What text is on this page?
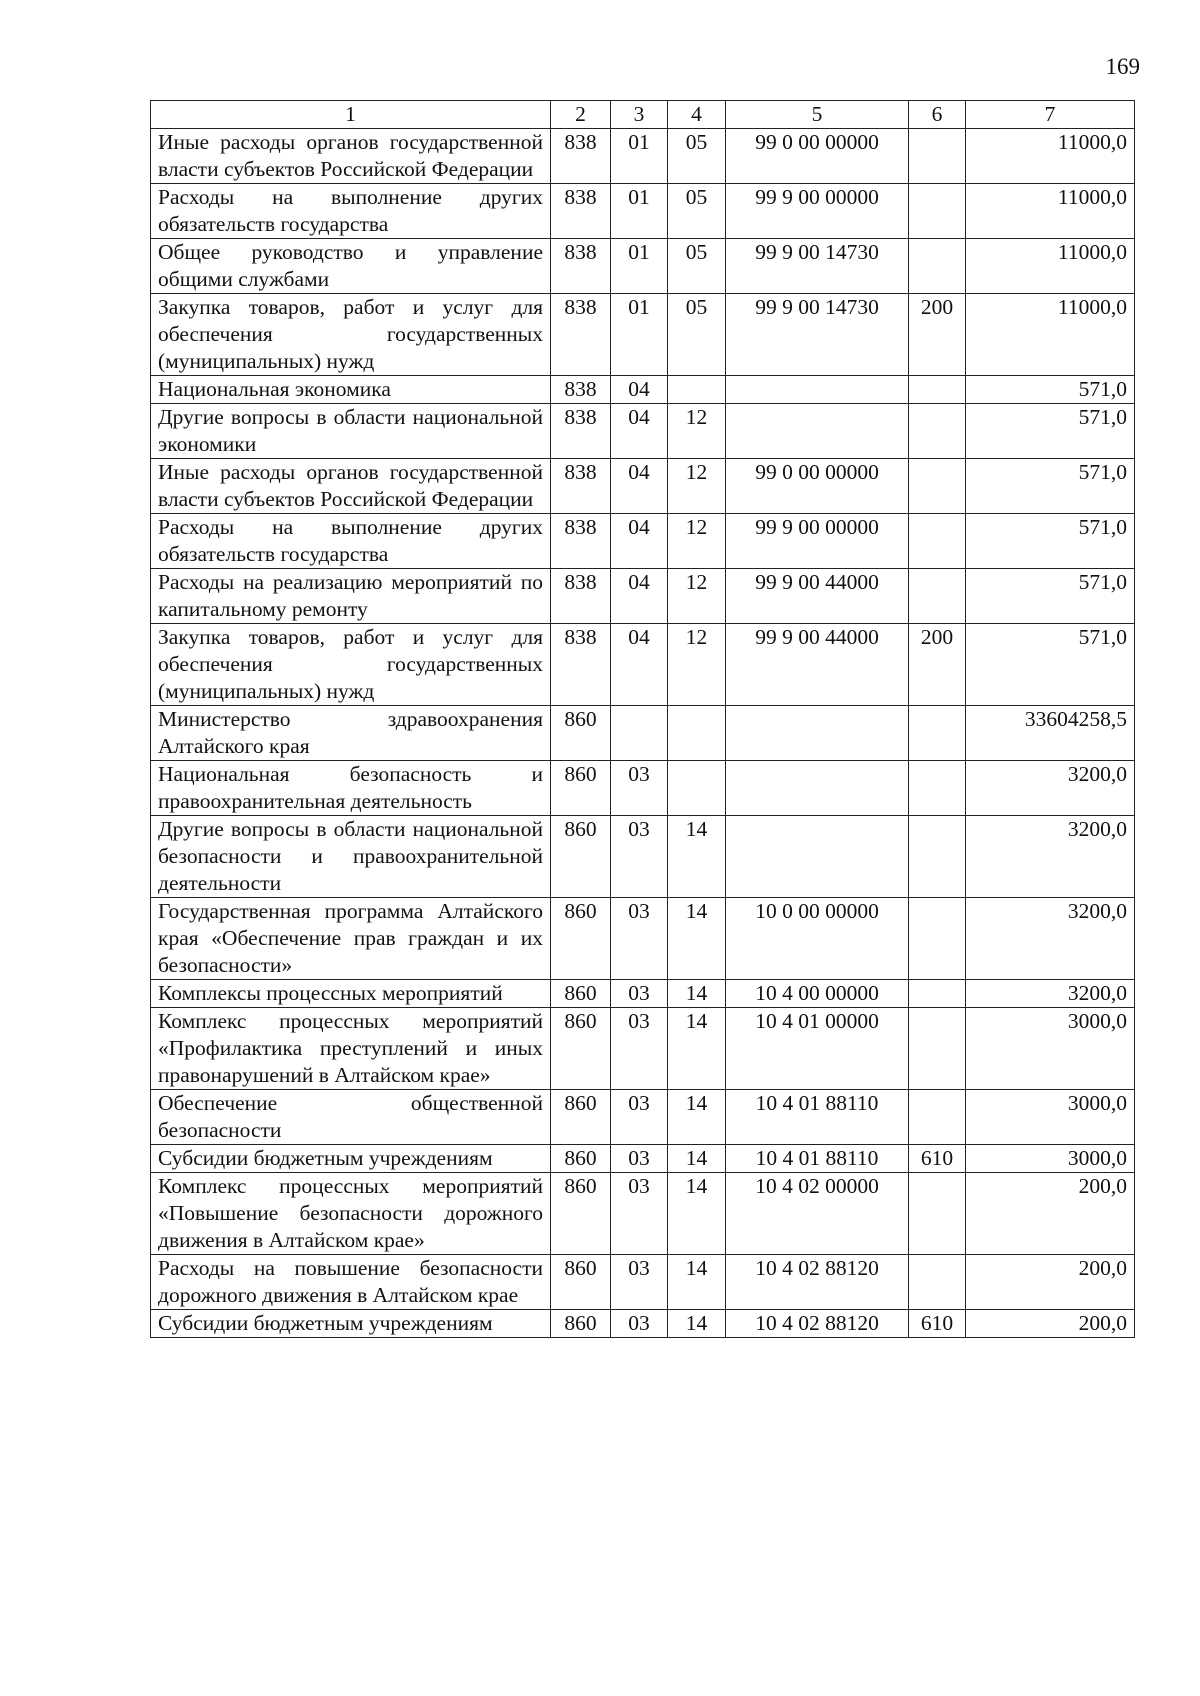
169
1	2	3	4	5	6	7
Иные расходы органов государственной власти субъектов Российской Федерации	838	01	05	99 0 00 00000		11000,0
Расходы на выполнение других обязательств государства	838	01	05	99 9 00 00000		11000,0
Общее руководство и управление общими службами	838	01	05	99 9 00 14730		11000,0
Закупка товаров, работ и услуг для обеспечения государственных (муниципальных) нужд	838	01	05	99 9 00 14730	200	11000,0
Национальная экономика	838	04				571,0
Другие вопросы в области национальной экономики	838	04	12			571,0
Иные расходы органов государственной власти субъектов Российской Федерации	838	04	12	99 0 00 00000		571,0
Расходы на выполнение других обязательств государства	838	04	12	99 9 00 00000		571,0
Расходы на реализацию мероприятий по капитальному ремонту	838	04	12	99 9 00 44000		571,0
Закупка товаров, работ и услуг для обеспечения государственных (муниципальных) нужд	838	04	12	99 9 00 44000	200	571,0
Министерство здравоохранения Алтайского края	860					33604258,5
Национальная безопасность и правоохранительная деятельность	860	03				3200,0
Другие вопросы в области национальной безопасности и правоохранительной деятельности	860	03	14			3200,0
Государственная программа Алтайского края «Обеспечение прав граждан и их безопасности»	860	03	14	10 0 00 00000		3200,0
Комплексы процессных мероприятий	860	03	14	10 4 00 00000		3200,0
Комплекс процессных мероприятий «Профилактика преступлений и иных правонарушений в Алтайском крае»	860	03	14	10 4 01 00000		3000,0
Обеспечение общественной безопасности	860	03	14	10 4 01 88110		3000,0
Субсидии бюджетным учреждениям	860	03	14	10 4 01 88110	610	3000,0
Комплекс процессных мероприятий «Повышение безопасности дорожного движения в Алтайском крае»	860	03	14	10 4 02 00000		200,0
Расходы на повышение безопасности дорожного движения в Алтайском крае	860	03	14	10 4 02 88120		200,0
Субсидии бюджетным учреждениям	860	03	14	10 4 02 88120	610	200,0
